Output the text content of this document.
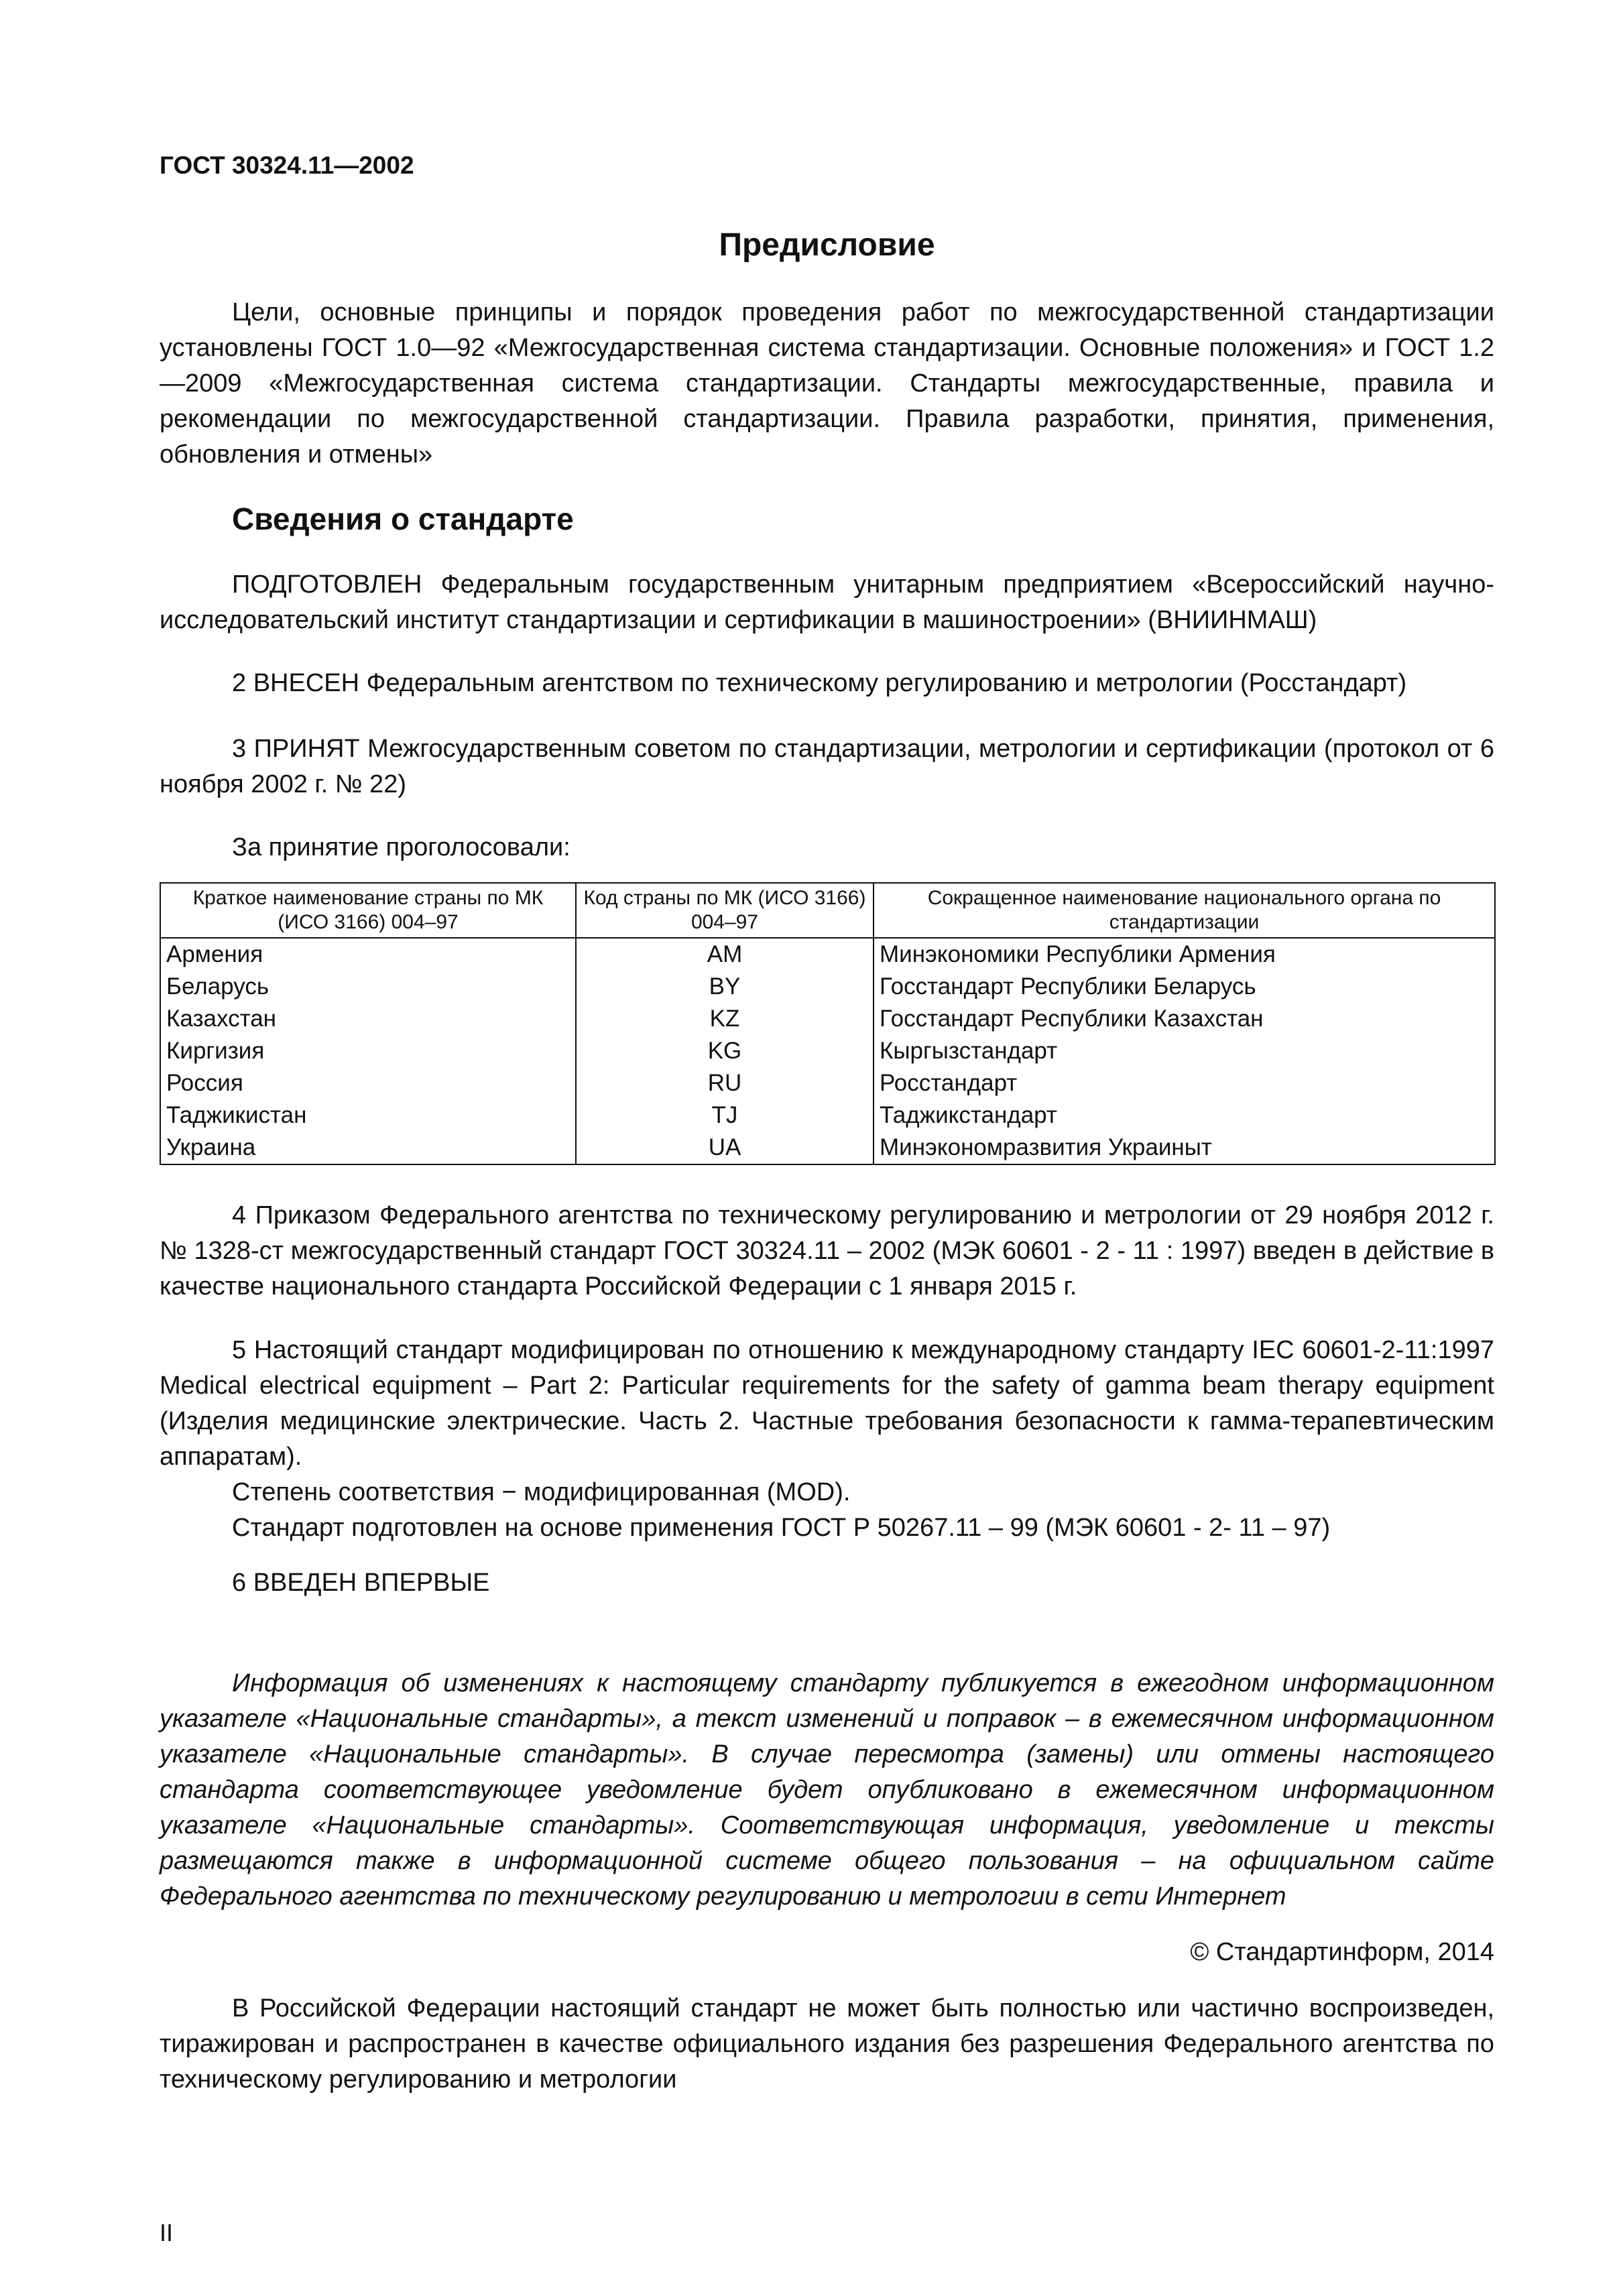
ГОСТ 30324.11—2002
Предисловие
Цели, основные принципы и порядок проведения работ по межгосударственной стандартизации установлены ГОСТ 1.0—92 «Межгосударственная система стандартизации. Основные положения» и ГОСТ 1.2—2009 «Межгосударственная система стандартизации. Стандарты межгосударственные, правила и рекомендации по межгосударственной стандартизации. Правила разработки, принятия, применения, обновления и отмены»
Сведения о стандарте
ПОДГОТОВЛЕН Федеральным государственным унитарным предприятием «Всероссийский научно-исследовательский институт стандартизации и сертификации в машиностроении» (ВНИИНМАШ)
2 ВНЕСЕН Федеральным агентством по техническому регулированию и метрологии (Росстандарт)
3 ПРИНЯТ Межгосударственным советом по стандартизации, метрологии и сертификации (протокол от 6 ноября 2002 г. № 22)
За принятие проголосовали:
Краткое наименование страны по МК (ИСО 3166) 004–97	Код страны по МК (ИСО 3166) 004–97	Сокращенное наименование национального органа по стандартизации
Армения	AM	Минэкономики Республики Армения
Беларусь	BY	Госстандарт Республики Беларусь
Казахстан	KZ	Госстандарт Республики Казахстан
Киргизия	KG	Кыргызстандарт
Россия	RU	Росстандарт
Таджикистан	TJ	Таджикстандарт
Украина	UA	Минэкономразвития Украиныт
4 Приказом Федерального агентства по техническому регулированию и метрологии от 29 ноября 2012 г. № 1328-ст межгосударственный стандарт ГОСТ 30324.11 – 2002 (МЭК 60601 - 2 - 11 : 1997) введен в действие в качестве национального стандарта Российской Федерации с 1 января 2015 г.

5 Настоящий стандарт модифицирован по отношению к международному стандарту IEC 60601-2-11:1997 Medical electrical equipment – Part 2: Particular requirements for the safety of gamma beam therapy equipment (Изделия медицинские электрические. Часть 2. Частные требования безопасности к гамма-терапевтическим аппаратам).

Степень соответствия − модифицированная (MOD).

Стандарт подготовлен на основе применения ГОСТ Р 50267.11 – 99 (МЭК 60601 - 2- 11 – 97)

6 ВВЕДЕН ВПЕРВЫЕ
Информация об изменениях к настоящему стандарту публикуется в ежегодном информационном указателе «Национальные стандарты», а текст изменений и поправок – в ежемесячном информационном указателе «Национальные стандарты». В случае пересмотра (замены) или отмены настоящего стандарта соответствующее уведомление будет опубликовано в ежемесячном информационном указателе «Национальные стандарты». Соответствующая информация, уведомление и тексты размещаются также в информационной системе общего пользования – на официальном сайте Федерального агентства по техническому регулированию и метрологии в сети Интернет
© Стандартинформ, 2014
В Российской Федерации настоящий стандарт не может быть полностью или частично воспроизведен, тиражирован и распространен в качестве официального издания без разрешения Федерального агентства по техническому регулированию и метрологии
II
